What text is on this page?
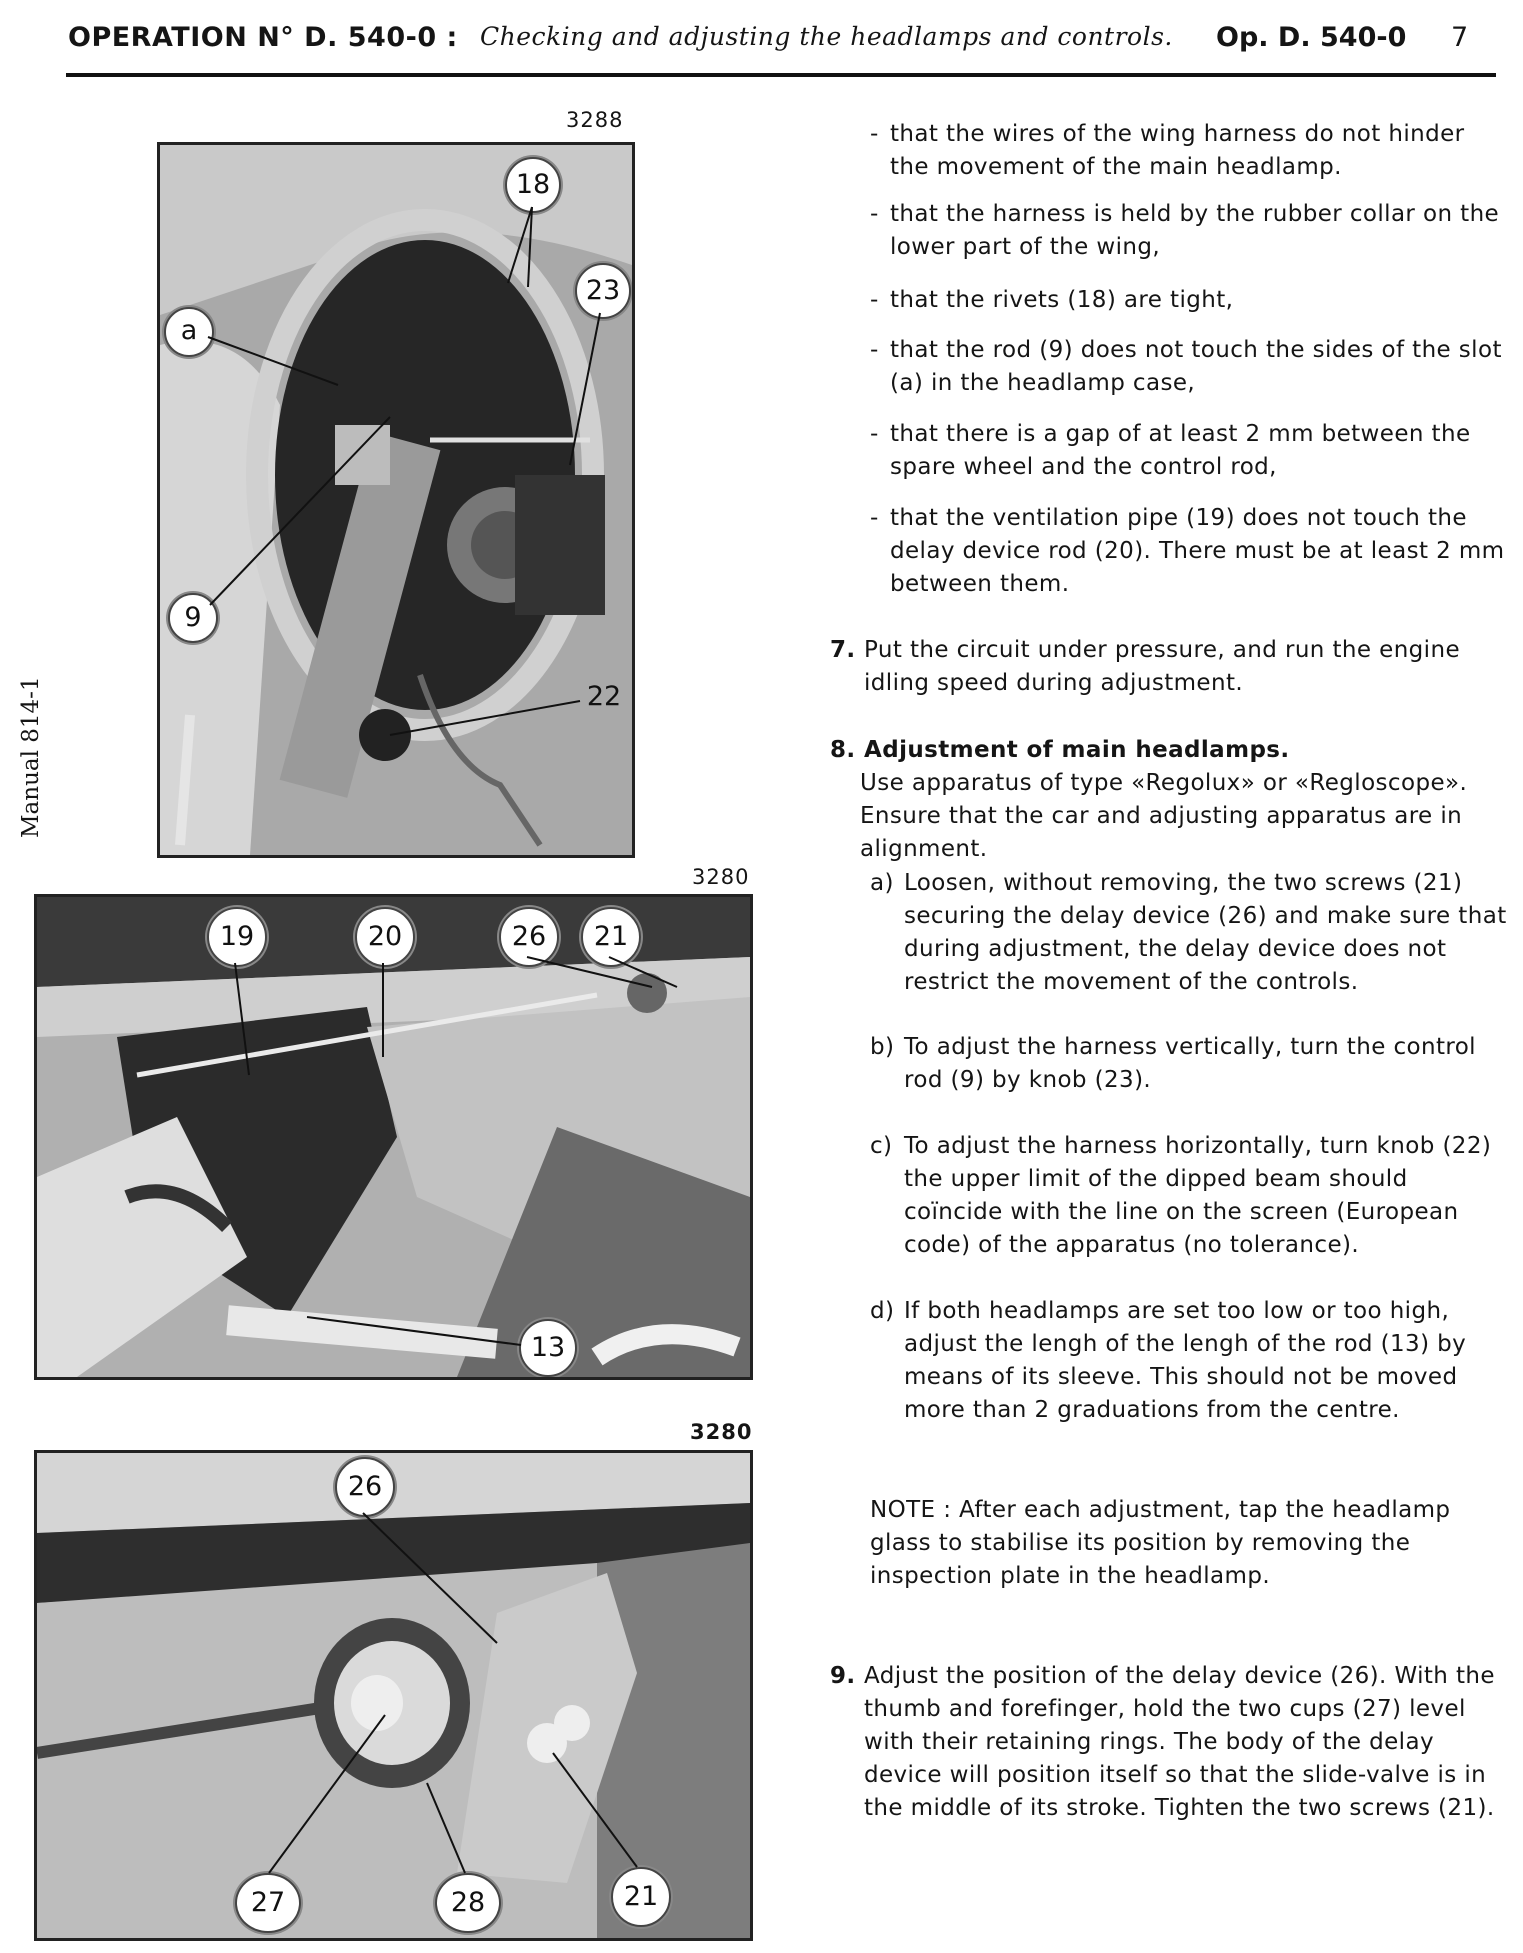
OPERATION N° D. 540-0 : Checking and adjusting the headlamps and controls. Op. D. 540-0 7
Manual 814-1
3288
18
23
a
9
22
3280
19	20	26	21
13
3280
26
27	28	21
- that the wires of the wing harness do not hinder the movement of the main headlamp.
- that the harness is held by the rubber collar on the lower part of the wing,
- that the rivets (18) are tight,
- that the rod (9) does not touch the sides of the slot (a) in the headlamp case,
- that there is a gap of at least 2 mm between the spare wheel and the control rod,
- that the ventilation pipe (19) does not touch the delay device rod (20). There must be at least 2 mm between them.
7. Put the circuit under pressure, and run the engine idling speed during adjustment.
8. Adjustment of main headlamps.
Use apparatus of type «Regolux» or «Regloscope». Ensure that the car and adjusting apparatus are in alignment.
a) Loosen, without removing, the two screws (21) securing the delay device (26) and make sure that during adjustment, the delay device does not restrict the movement of the controls.
b) To adjust the harness vertically, turn the control rod (9) by knob (23).
c) To adjust the harness horizontally, turn knob (22) the upper limit of the dipped beam should coïncide with the line on the screen (European code) of the apparatus (no tolerance).
d) If both headlamps are set too low or too high, adjust the lengh of the lengh of the rod (13) by means of its sleeve. This should not be moved more than 2 graduations from the centre.
NOTE : After each adjustment, tap the headlamp glass to stabilise its position by removing the inspection plate in the headlamp.
9. Adjust the position of the delay device (26). With the thumb and forefinger, hold the two cups (27) level with their retaining rings. The body of the delay device will position itself so that the slide-valve is in the middle of its stroke. Tighten the two screws (21).
